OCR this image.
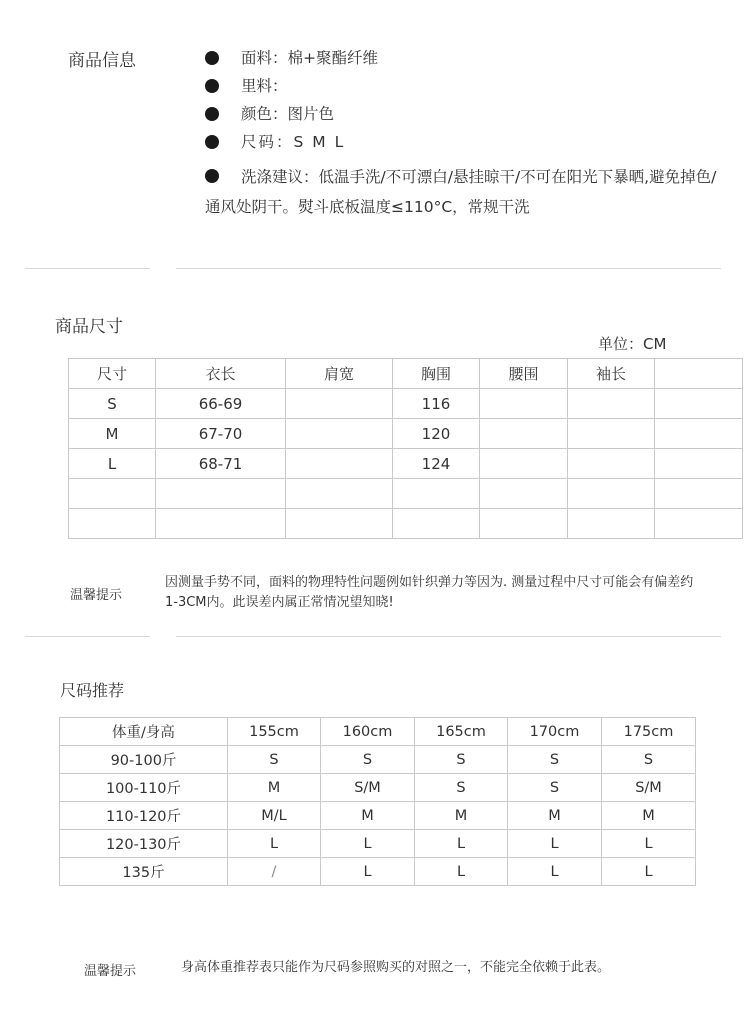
商品信息	面料：棉+聚酯纤维
里料：
颜色：图片色
尺码：S M L
洗涤建议：低温手洗/不可漂白/悬挂晾干/不可在阳光下暴晒,避免掉色/通风处阴干。熨斗底板温度≤110°C，常规干洗
商品尺寸
单位：CM
尺寸	衣长	肩宽	胸围	腰围	袖长	
S	66-69		116			
M	67-70		120			
L	68-71		124			

温馨提示
因测量手势不同，面料的物理特性问题例如针织弹力等因为. 测量过程中尺寸可能会有偏差约1-3CM内。此误差内属正常情况望知晓!
尺码推荐
体重/身高	155cm	160cm	165cm	170cm	175cm
90-100斤	S	S	S	S	S
100-110斤	M	S/M	S	S	S/M
110-120斤	M/L	M	M	M	M
120-130斤	L	L	L	L	L
135斤	/	L	L	L	L
温馨提示	身高体重推荐表只能作为尺码参照购买的对照之一，不能完全依赖于此表。
